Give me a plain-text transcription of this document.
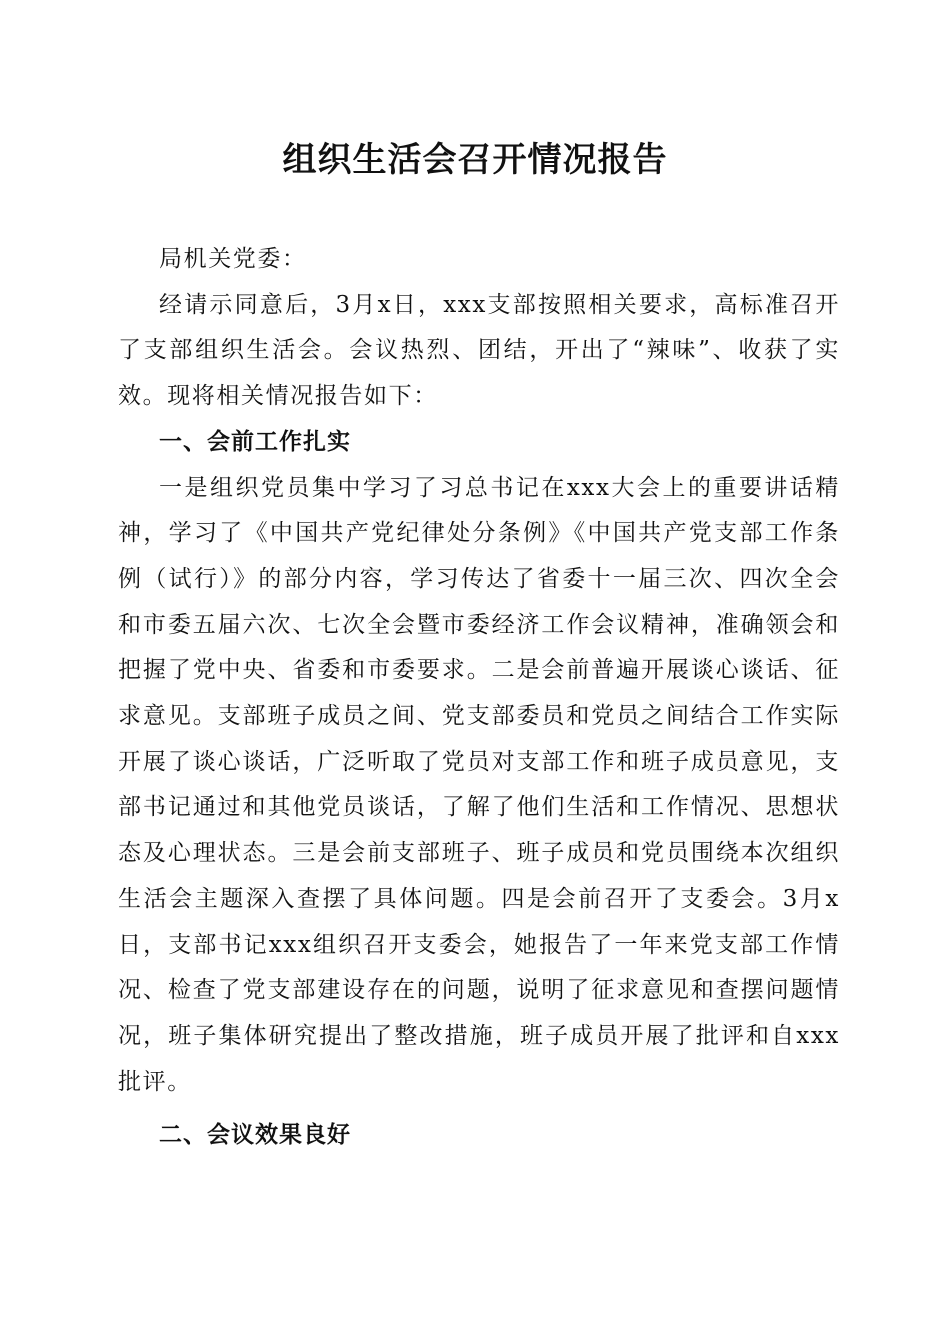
组织生活会召开情况报告

局机关党委：

经请示同意后，3月x日，xxx支部按照相关要求，高标准召开了支部组织生活会。会议热烈、团结，开出了“辣味”、收获了实效。现将相关情况报告如下：

一、会前工作扎实

一是组织党员集中学习了习总书记在xxx大会上的重要讲话精神，学习了《中国共产党纪律处分条例》《中国共产党支部工作条例（试行）》的部分内容，学习传达了省委十一届三次、四次全会和市委五届六次、七次全会暨市委经济工作会议精神，准确领会和把握了党中央、省委和市委要求。二是会前普遍开展谈心谈话、征求意见。支部班子成员之间、党支部委员和党员之间结合工作实际开展了谈心谈话，广泛听取了党员对支部工作和班子成员意见，支部书记通过和其他党员谈话，了解了他们生活和工作情况、思想状态及心理状态。三是会前支部班子、班子成员和党员围绕本次组织生活会主题深入查摆了具体问题。四是会前召开了支委会。3月x日，支部书记xxx组织召开支委会，她报告了一年来党支部工作情况、检查了党支部建设存在的问题，说明了征求意见和查摆问题情况，班子集体研究提出了整改措施，班子成员开展了批评和自xxx批评。

二、会议效果良好
